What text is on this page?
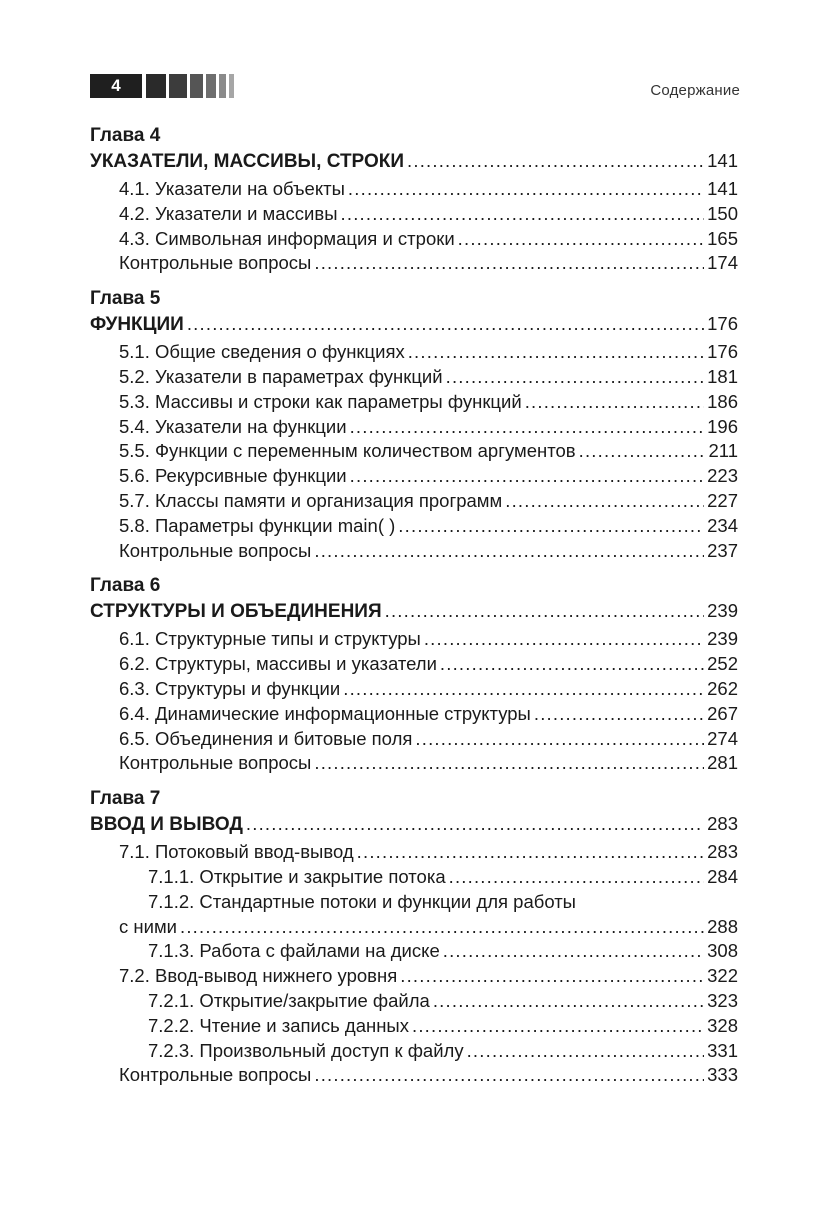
4	Содержание
Глава 4
УКАЗАТЕЛИ, МАССИВЫ, СТРОКИ .....	141
4.1. Указатели на объекты .....	141
4.2. Указатели и массивы .....	150
4.3. Символьная информация и строки .....	165
Контрольные вопросы .....	174
Глава 5
ФУНКЦИИ .....	176
5.1. Общие сведения о функциях .....	176
5.2. Указатели в параметрах функций .....	181
5.3. Массивы и строки как параметры функций .....	186
5.4. Указатели на функции .....	196
5.5. Функции с переменным количеством аргументов .....	211
5.6. Рекурсивные функции .....	223
5.7. Классы памяти и организация программ .....	227
5.8. Параметры функции main( ) .....	234
Контрольные вопросы .....	237
Глава 6
СТРУКТУРЫ И ОБЪЕДИНЕНИЯ .....	239
6.1. Структурные типы и структуры .....	239
6.2. Структуры, массивы и указатели .....	252
6.3. Структуры и функции .....	262
6.4. Динамические информационные структуры .....	267
6.5. Объединения и битовые поля .....	274
Контрольные вопросы .....	281
Глава 7
ВВОД И ВЫВОД .....	283
7.1. Потоковый ввод-вывод .....	283
7.1.1. Открытие и закрытие потока .....	284
7.1.2. Стандартные потоки и функции для работы
с ними .....	288
7.1.3. Работа с файлами на диске .....	308
7.2. Ввод-вывод нижнего уровня .....	322
7.2.1. Открытие/закрытие файла .....	323
7.2.2. Чтение и запись данных .....	328
7.2.3. Произвольный доступ к файлу .....	331
Контрольные вопросы .....	333
